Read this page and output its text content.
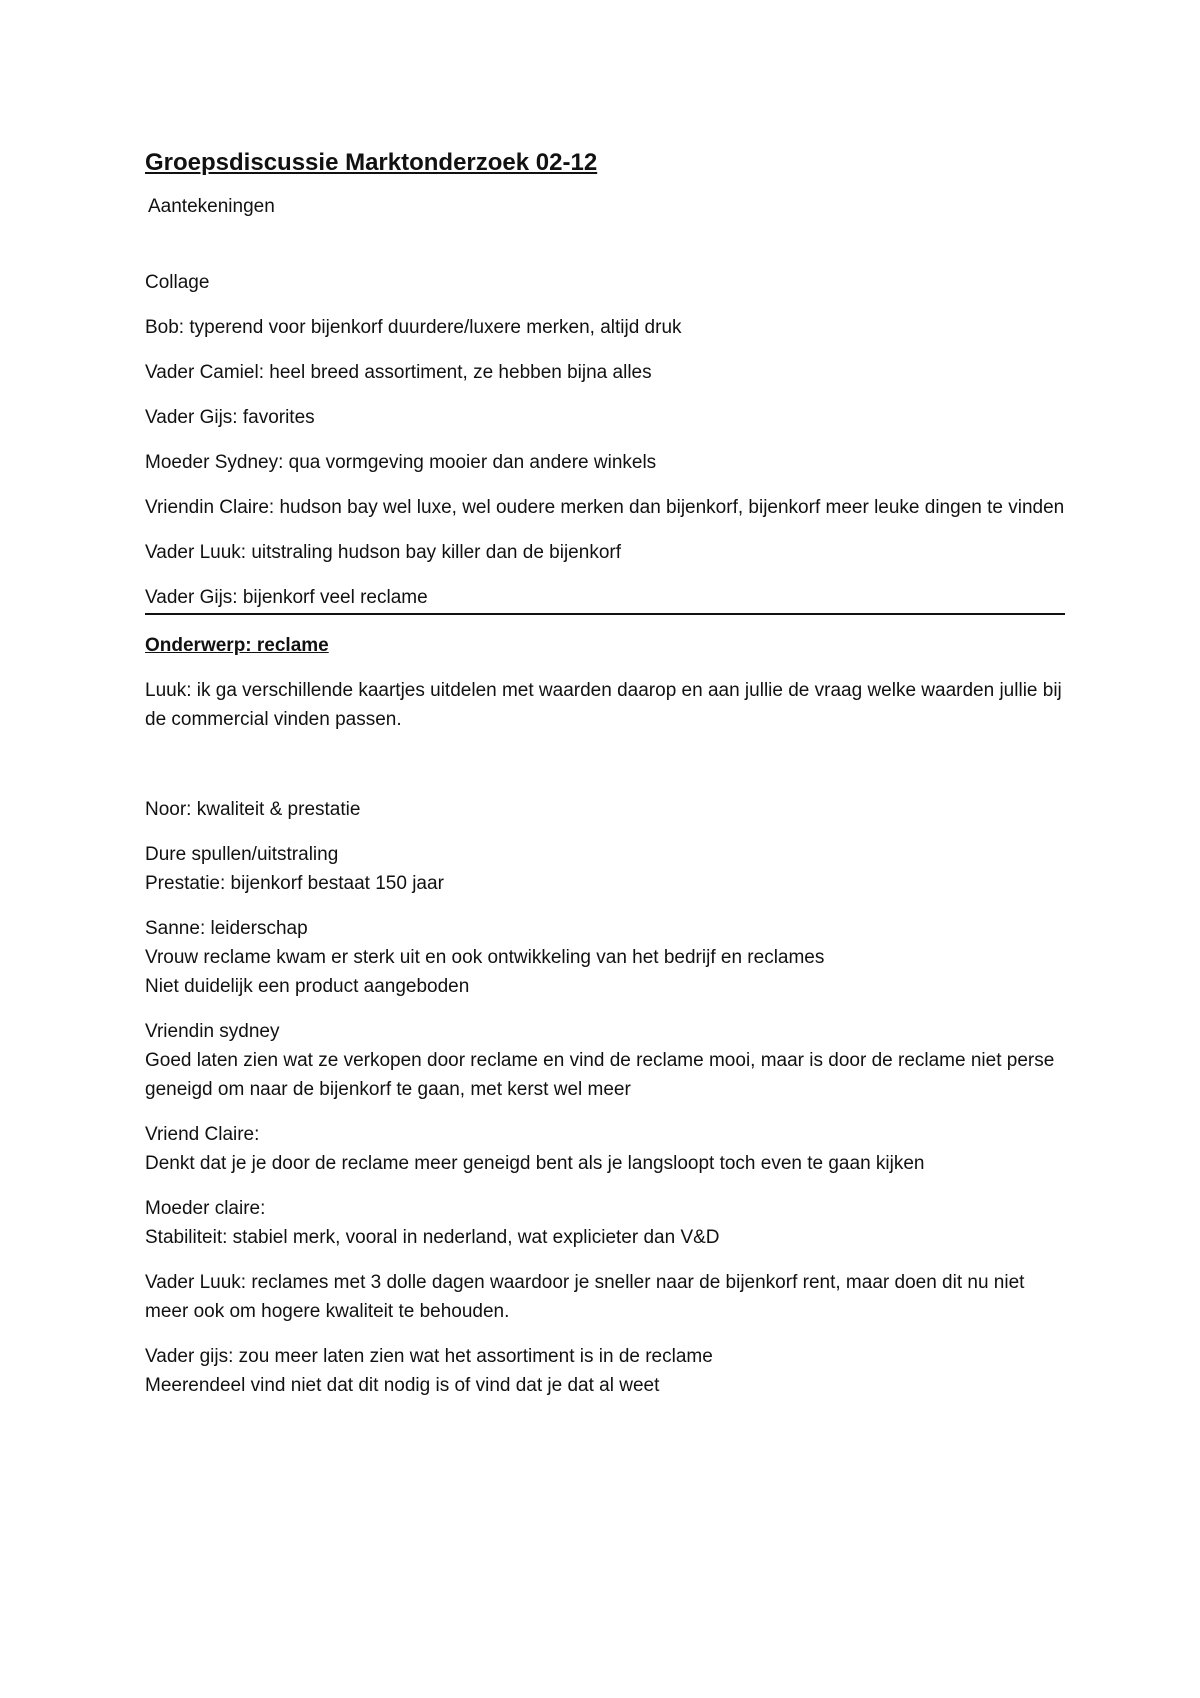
Groepsdiscussie Marktonderzoek 02-12
Aantekeningen
Collage
Bob: typerend voor bijenkorf duurdere/luxere merken, altijd druk
Vader Camiel: heel breed assortiment, ze hebben bijna alles
Vader Gijs: favorites
Moeder Sydney: qua vormgeving mooier dan andere winkels
Vriendin Claire: hudson bay wel luxe, wel oudere merken dan bijenkorf, bijenkorf meer leuke dingen te vinden
Vader Luuk: uitstraling hudson bay killer dan de bijenkorf
Vader Gijs: bijenkorf veel reclame
Onderwerp: reclame
Luuk: ik ga verschillende kaartjes uitdelen met waarden daarop en aan jullie de vraag welke waarden jullie bij de commercial vinden passen.
Noor: kwaliteit & prestatie
Dure spullen/uitstraling
Prestatie: bijenkorf bestaat 150 jaar
Sanne: leiderschap
Vrouw reclame kwam er sterk uit en ook ontwikkeling van het bedrijf en reclames
Niet duidelijk een product aangeboden
Vriendin sydney
Goed laten zien wat ze verkopen door reclame en vind de reclame mooi, maar is door de reclame niet perse geneigd om naar de bijenkorf te gaan, met kerst wel meer
Vriend Claire:
Denkt dat je je door de reclame meer geneigd bent als je langsloopt toch even te gaan kijken
Moeder claire:
Stabiliteit: stabiel merk, vooral in nederland, wat explicieter dan V&D
Vader Luuk: reclames met 3 dolle dagen waardoor je sneller naar de bijenkorf rent, maar doen dit nu niet meer ook om hogere kwaliteit te behouden.
Vader gijs: zou meer laten zien wat het assortiment is in de reclame
Meerendeel vind niet dat dit nodig is of vind dat je dat al weet
